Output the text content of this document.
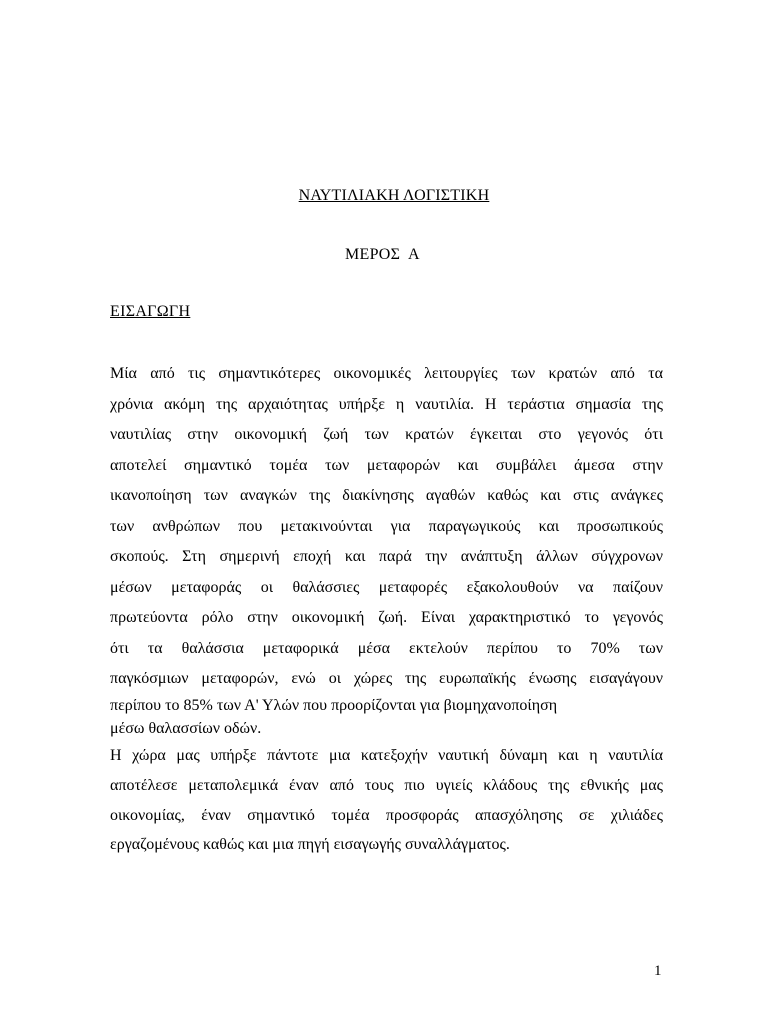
ΝΑΥΤΙΛΙΑΚΗ ΛΟΓΙΣΤΙΚΗ
ΜΕΡΟΣ  Α
ΕΙΣΑΓΩΓΗ
Μία από τις σημαντικότερες οικονομικές λειτουργίες των κρατών από τα
χρόνια ακόμη της αρχαιότητας υπήρξε η ναυτιλία. Η τεράστια σημασία της
ναυτιλίας στην οικονομική ζωή των κρατών έγκειται στο γεγονός ότι
αποτελεί σημαντικό τομέα των μεταφορών και συμβάλει άμεσα στην
ικανοποίηση των αναγκών της διακίνησης αγαθών καθώς και στις ανάγκες
των ανθρώπων που μετακινούνται για παραγωγικούς και προσωπικούς
σκοπούς. Στη σημερινή εποχή και παρά την ανάπτυξη άλλων σύγχρονων
μέσων μεταφοράς οι θαλάσσιες μεταφορές εξακολουθούν να παίζουν
πρωτεύοντα ρόλο στην οικονομική ζωή. Είναι χαρακτηριστικό το γεγονός
ότι τα θαλάσσια μεταφορικά μέσα εκτελούν περίπου το 70% των
παγκόσμιων μεταφορών, ενώ οι χώρες της ευρωπαϊκής ένωσης εισαγάγουν
περίπου το 85% των Α' Υλών που προορίζονται για βιομηχανοποίηση
μέσω θαλασσίων οδών.
Η χώρα μας υπήρξε πάντοτε μια κατεξοχήν ναυτική δύναμη και η ναυτιλία
αποτέλεσε μεταπολεμικά έναν από τους πιο υγιείς κλάδους της εθνικής μας
οικονομίας, έναν σημαντικό τομέα προσφοράς απασχόλησης σε χιλιάδες
εργαζομένους καθώς και μια πηγή εισαγωγής συναλλάγματος.
1
